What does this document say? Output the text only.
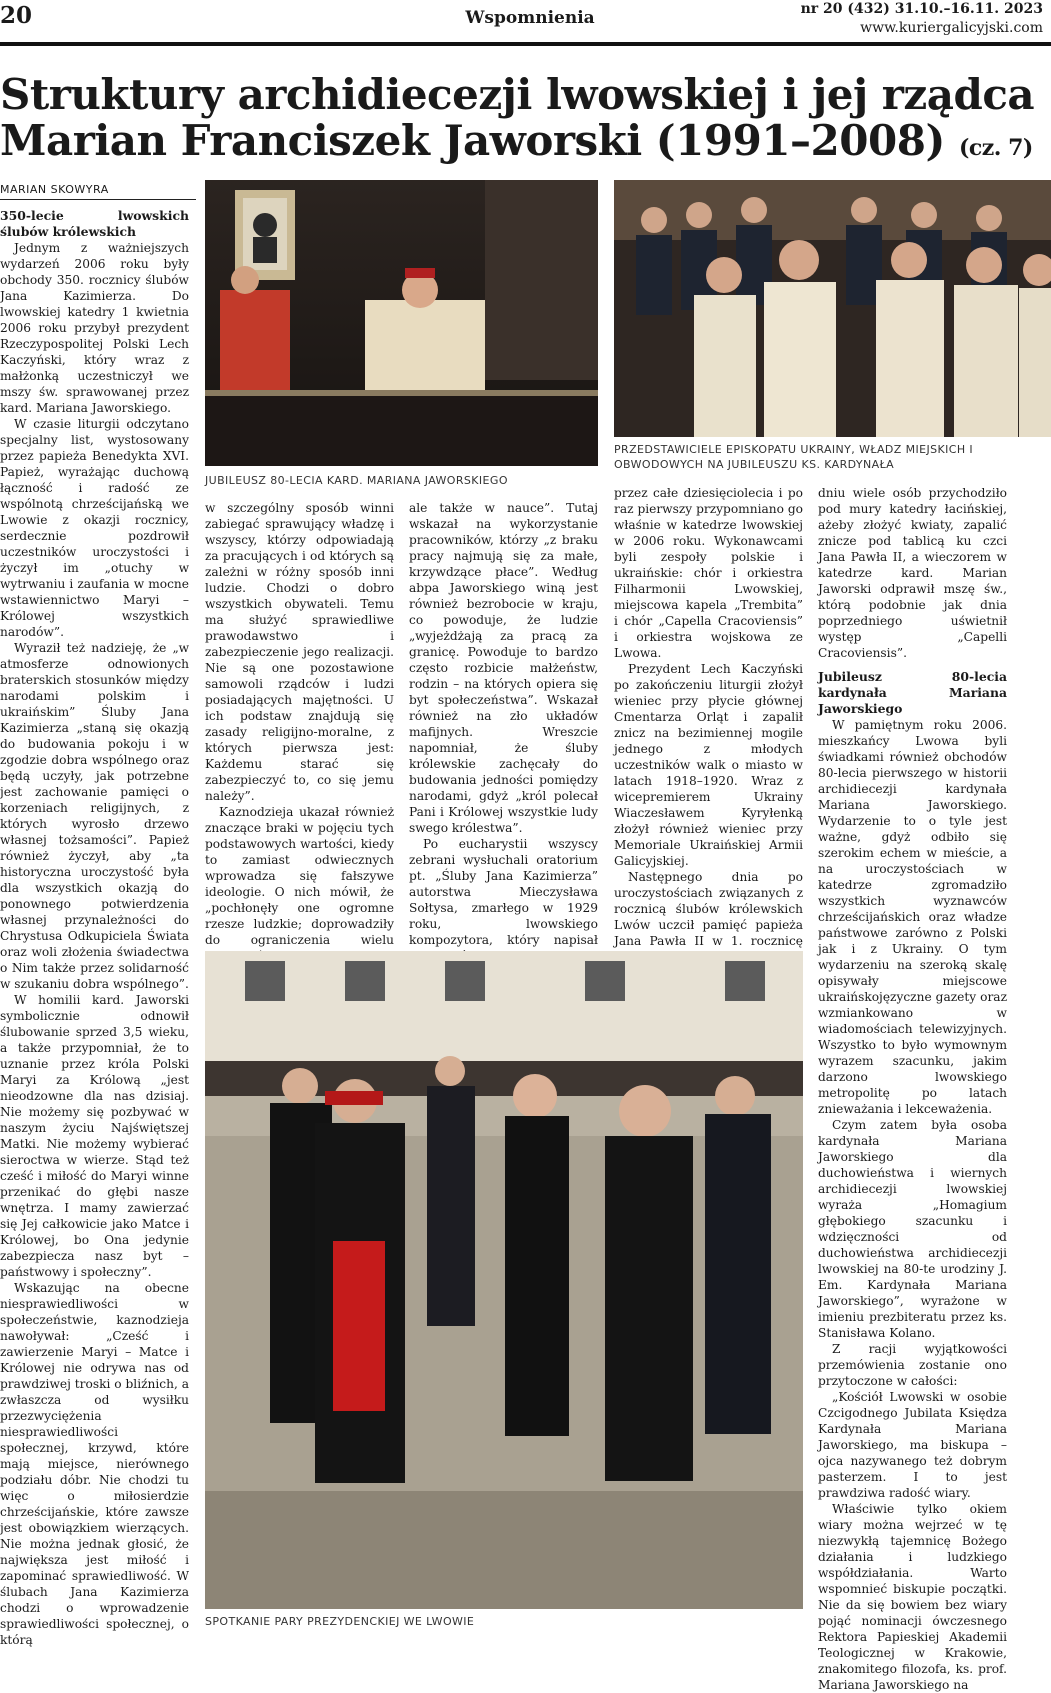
20	Wspomnienia	nr 20 (432) 31.10.–16.11. 2023
www.kuriergalicyjski.com
Struktury archidiecezji lwowskiej i jej rządca
Marian Franciszek Jaworski (1991–2008) (cz. 7)
MARIAN SKOWYRA
350-lecie lwowskich ślubów królewskich

Jednym z ważniejszych wydarzeń 2006 roku były obchody 350. rocznicy ślubów Jana Kazimierza. Do lwowskiej katedry 1 kwietnia 2006 roku przybył prezydent Rzeczypospolitej Polski Lech Kaczyński, który wraz z małżonką uczestniczył we mszy św. sprawowanej przez kard. Mariana Jaworskiego.

W czasie liturgii odczytano specjalny list, wystosowany przez papieża Benedykta XVI. Papież, wyrażając duchową łączność i radość ze wspólnotą chrześcijańską we Lwowie z okazji rocznicy, serdecznie pozdrowił uczestników uroczystości i życzył im „otuchy w wytrwaniu i zaufania w mocne wstawiennictwo Maryi – Królowej wszystkich narodów”.

Wyraził też nadzieję, że „w atmosferze odnowionych braterskich stosunków między narodami polskim i ukraińskim” Śluby Jana Kazimierza „staną się okazją do budowania pokoju i w zgodzie dobra wspólnego oraz będą uczyły, jak potrzebne jest zachowanie pamięci o korzeniach religijnych, z których wyrosło drzewo własnej tożsamości”. Papież również życzył, aby „ta historyczna uroczystość była dla wszystkich okazją do ponownego potwierdzenia własnej przynależności do Chrystusa Odkupiciela Świata oraz woli złożenia świadectwa o Nim także przez solidarność w szukaniu dobra wspólnego”.

W homilii kard. Jaworski symbolicznie odnowił ślubowanie sprzed 3,5 wieku, a także przypomniał, że to uznanie przez króla Polski Maryi za Królową „jest nieodzowne dla nas dzisiaj. Nie możemy się pozbywać w naszym życiu Najświętszej Matki. Nie możemy wybierać sieroctwa w wierze. Stąd też cześć i miłość do Maryi winne przenikać do głębi nasze wnętrza. I mamy zawierzać się Jej całkowicie jako Matce i Królowej, bo Ona jedynie zabezpiecza nasz byt – państwowy i społeczny”.

Wskazując na obecne niesprawiedliwości w społeczeństwie, kaznodzieja nawoływał: „Cześć i zawierzenie Maryi – Matce i Królowej nie odrywa nas od prawdziwej troski o bliźnich, a zwłaszcza od wysiłku przezwyciężenia niesprawiedliwości społecznej, krzywd, które mają miejsce, nierównego podziału dóbr. Nie chodzi tu więc o miłosierdzie chrześcijańskie, które zawsze jest obowiązkiem wierzących. Nie można jednak głosić, że największa jest miłość i zapominać sprawiedliwość. W ślubach Jana Kazimierza chodzi o wprowadzenie sprawiedliwości społecznej, o którą

JUBILEUSZ 80-LECIA KARD. MARIANA JAWORSKIEGO
PRZEDSTAWICIELE EPISKOPATU UKRAINY, WŁADZ MIEJSKICH I OBWODOWYCH NA JUBILEUSZU KS. KARDYNAŁA

w szczególny sposób winni zabiegać sprawujący władzę i wszyscy, którzy odpowiadają za pracujących i od których są zależni w różny sposób inni ludzie. Chodzi o dobro wszystkich obywateli. Temu ma służyć sprawiedliwe prawodawstwo i zabezpieczenie jego realizacji. Nie są one pozostawione samowoli rządców i ludzi posiadających majętności. U ich podstaw znajdują się zasady religijno-moralne, z których pierwsza jest: Każdemu starać się zabezpieczyć to, co się jemu należy”.

Kaznodzieja ukazał również znaczące braki w pojęciu tych podstawowych wartości, kiedy to zamiast odwiecznych wprowadza się fałszywe ideologie. O nich mówił, że „pochłonęły one ogromne rzesze ludzkie; doprowadziły do ograniczenia wielu

ale także w nauce”. Tutaj wskazał na wykorzystanie pracowników, którzy „z braku pracy najmują się za małe, krzywdzące płace”. Według abpa Jaworskiego winą jest również bezrobocie w kraju, co powoduje, że ludzie „wyjeżdżają za pracą za granicę. Powoduje to bardzo często rozbicie małżeństw, rodzin – na których opiera się byt społeczeństwa”. Wskazał również na zło układów mafijnych. Wreszcie napomniał, że śluby królewskie zachęcały do budowania jedności pomiędzy narodami, gdyż „król polecał Pani i Królowej wszystkie ludy swego królestwa”.

Po eucharystii wszyscy zebrani wysłuchali oratorium pt. „Śluby Jana Kazimierza” autorstwa Mieczysława Sołtysa, zmarłego w 1929 roku, lwowskiego kompozytora, który napisał

przez całe dziesięciolecia i po raz pierwszy przypomniano go właśnie w katedrze lwowskiej w 2006 roku. Wykonawcami byli zespoły polskie i ukraińskie: chór i orkiestra Filharmonii Lwowskiej, miejscowa kapela „Trembita” i chór „Capella Cracoviensis” i orkiestra wojskowa ze Lwowa.

Prezydent Lech Kaczyński po zakończeniu liturgii złożył wieniec przy płycie głównej Cmentarza Orląt i zapalił znicz na bezimiennej mogile jednego z młodych uczestników walk o miasto w latach 1918–1920. Wraz z wicepremierem Ukrainy Wiaczesławem Kyryłenką złożył również wieniec przy Memoriale Ukraińskiej Armii Galicyjskiej.

Następnego dnia po uroczystościach związanych z rocznicą ślubów królewskich Lwów uczcił pamięć papieża Jana Pawła II w 1. rocznicę

dniu wiele osób przychodziło pod mury katedry łacińskiej, ażeby złożyć kwiaty, zapalić znicze pod tablicą ku czci Jana Pawła II, a wieczorem w katedrze kard. Marian Jaworski odprawił mszę św., którą podobnie jak dnia poprzedniego uświetnił występ „Capelli Cracoviensis”.

Jubileusz 80-lecia kardynała Mariana Jaworskiego

W pamiętnym roku 2006. mieszkańcy Lwowa byli świadkami również obchodów 80-lecia pierwszego w historii archidiecezji kardynała Mariana Jaworskiego. Wydarzenie to o tyle jest ważne, gdyż odbiło się szerokim echem w mieście, a na uroczystościach w katedrze zgromadziło wszystkich wyznawców chrześcijańskich oraz władze państwowe zarówno z Polski jak i z Ukrainy. O tym wydarzeniu na szeroką skalę opisywały miejscowe ukraińskojęzyczne gazety oraz wzmiankowano w wiadomościach telewizyjnych. Wszystko to było wymownym wyrazem szacunku, jakim darzono lwowskiego metropolitę po latach znieważania i lekceważenia.

Czym zatem była osoba kardynała Mariana Jaworskiego dla duchowieństwa i wiernych archidiecezji lwowskiej wyraża „Homagium głębokiego szacunku i wdzięczności od duchowieństwa archidiecezji lwowskiej na 80-te urodziny J. Em. Kardynała Mariana Jaworskiego”, wyrażone w imieniu prezbiteratu przez ks. Stanisława Kolano.

Z racji wyjątkowości przemówienia zostanie ono przytoczone w całości:

„Kościół Lwowski w osobie Czcigodnego Jubilata Księdza Kardynała Mariana Jaworskiego, ma biskupa – ojca nazywanego też dobrym pasterzem. I to jest prawdziwa radość wiary.

Właściwie tylko okiem wiary można wejrzeć w tę niezwykłą tajemnicę Bożego działania i ludzkiego współdziałania. Warto wspomnieć biskupie początki. Nie da się bowiem bez wiary pojąć nominacji ówczesnego Rektora Papieskiej Akademii Teologicznej w Krakowie, znakomitego filozofa, ks. prof. Mariana Jaworskiego na

SPOTKANIE PARY PREZYDENCKIEJ WE LWOWIE
